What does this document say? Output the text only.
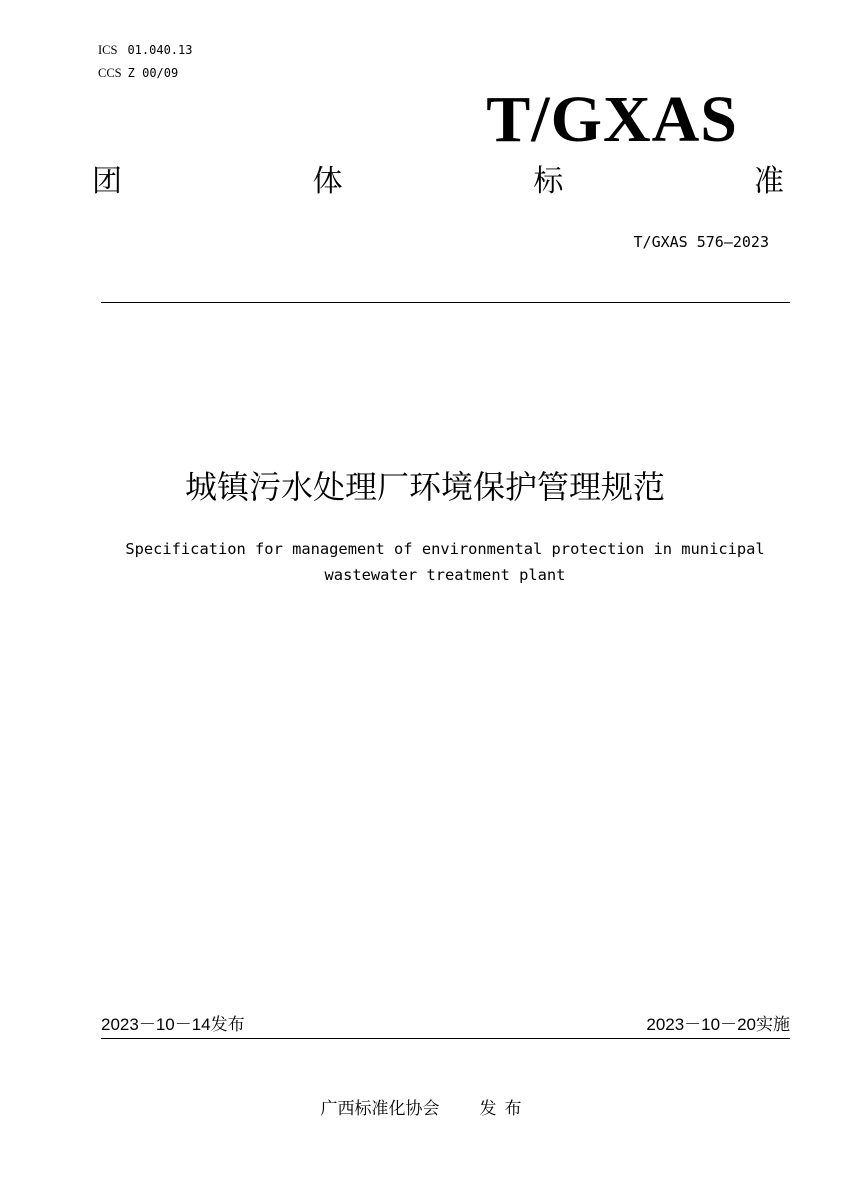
ICS 01.040.13
CCS Z 00/09
T/GXAS
团	体	标	准
T/GXAS 576—2023
城镇污水处理厂环境保护管理规范
Specification for management of environmental protection in municipal
wastewater treatment plant
2023－10－14发布	2023－10－20实施
广西标准化协会 发布
